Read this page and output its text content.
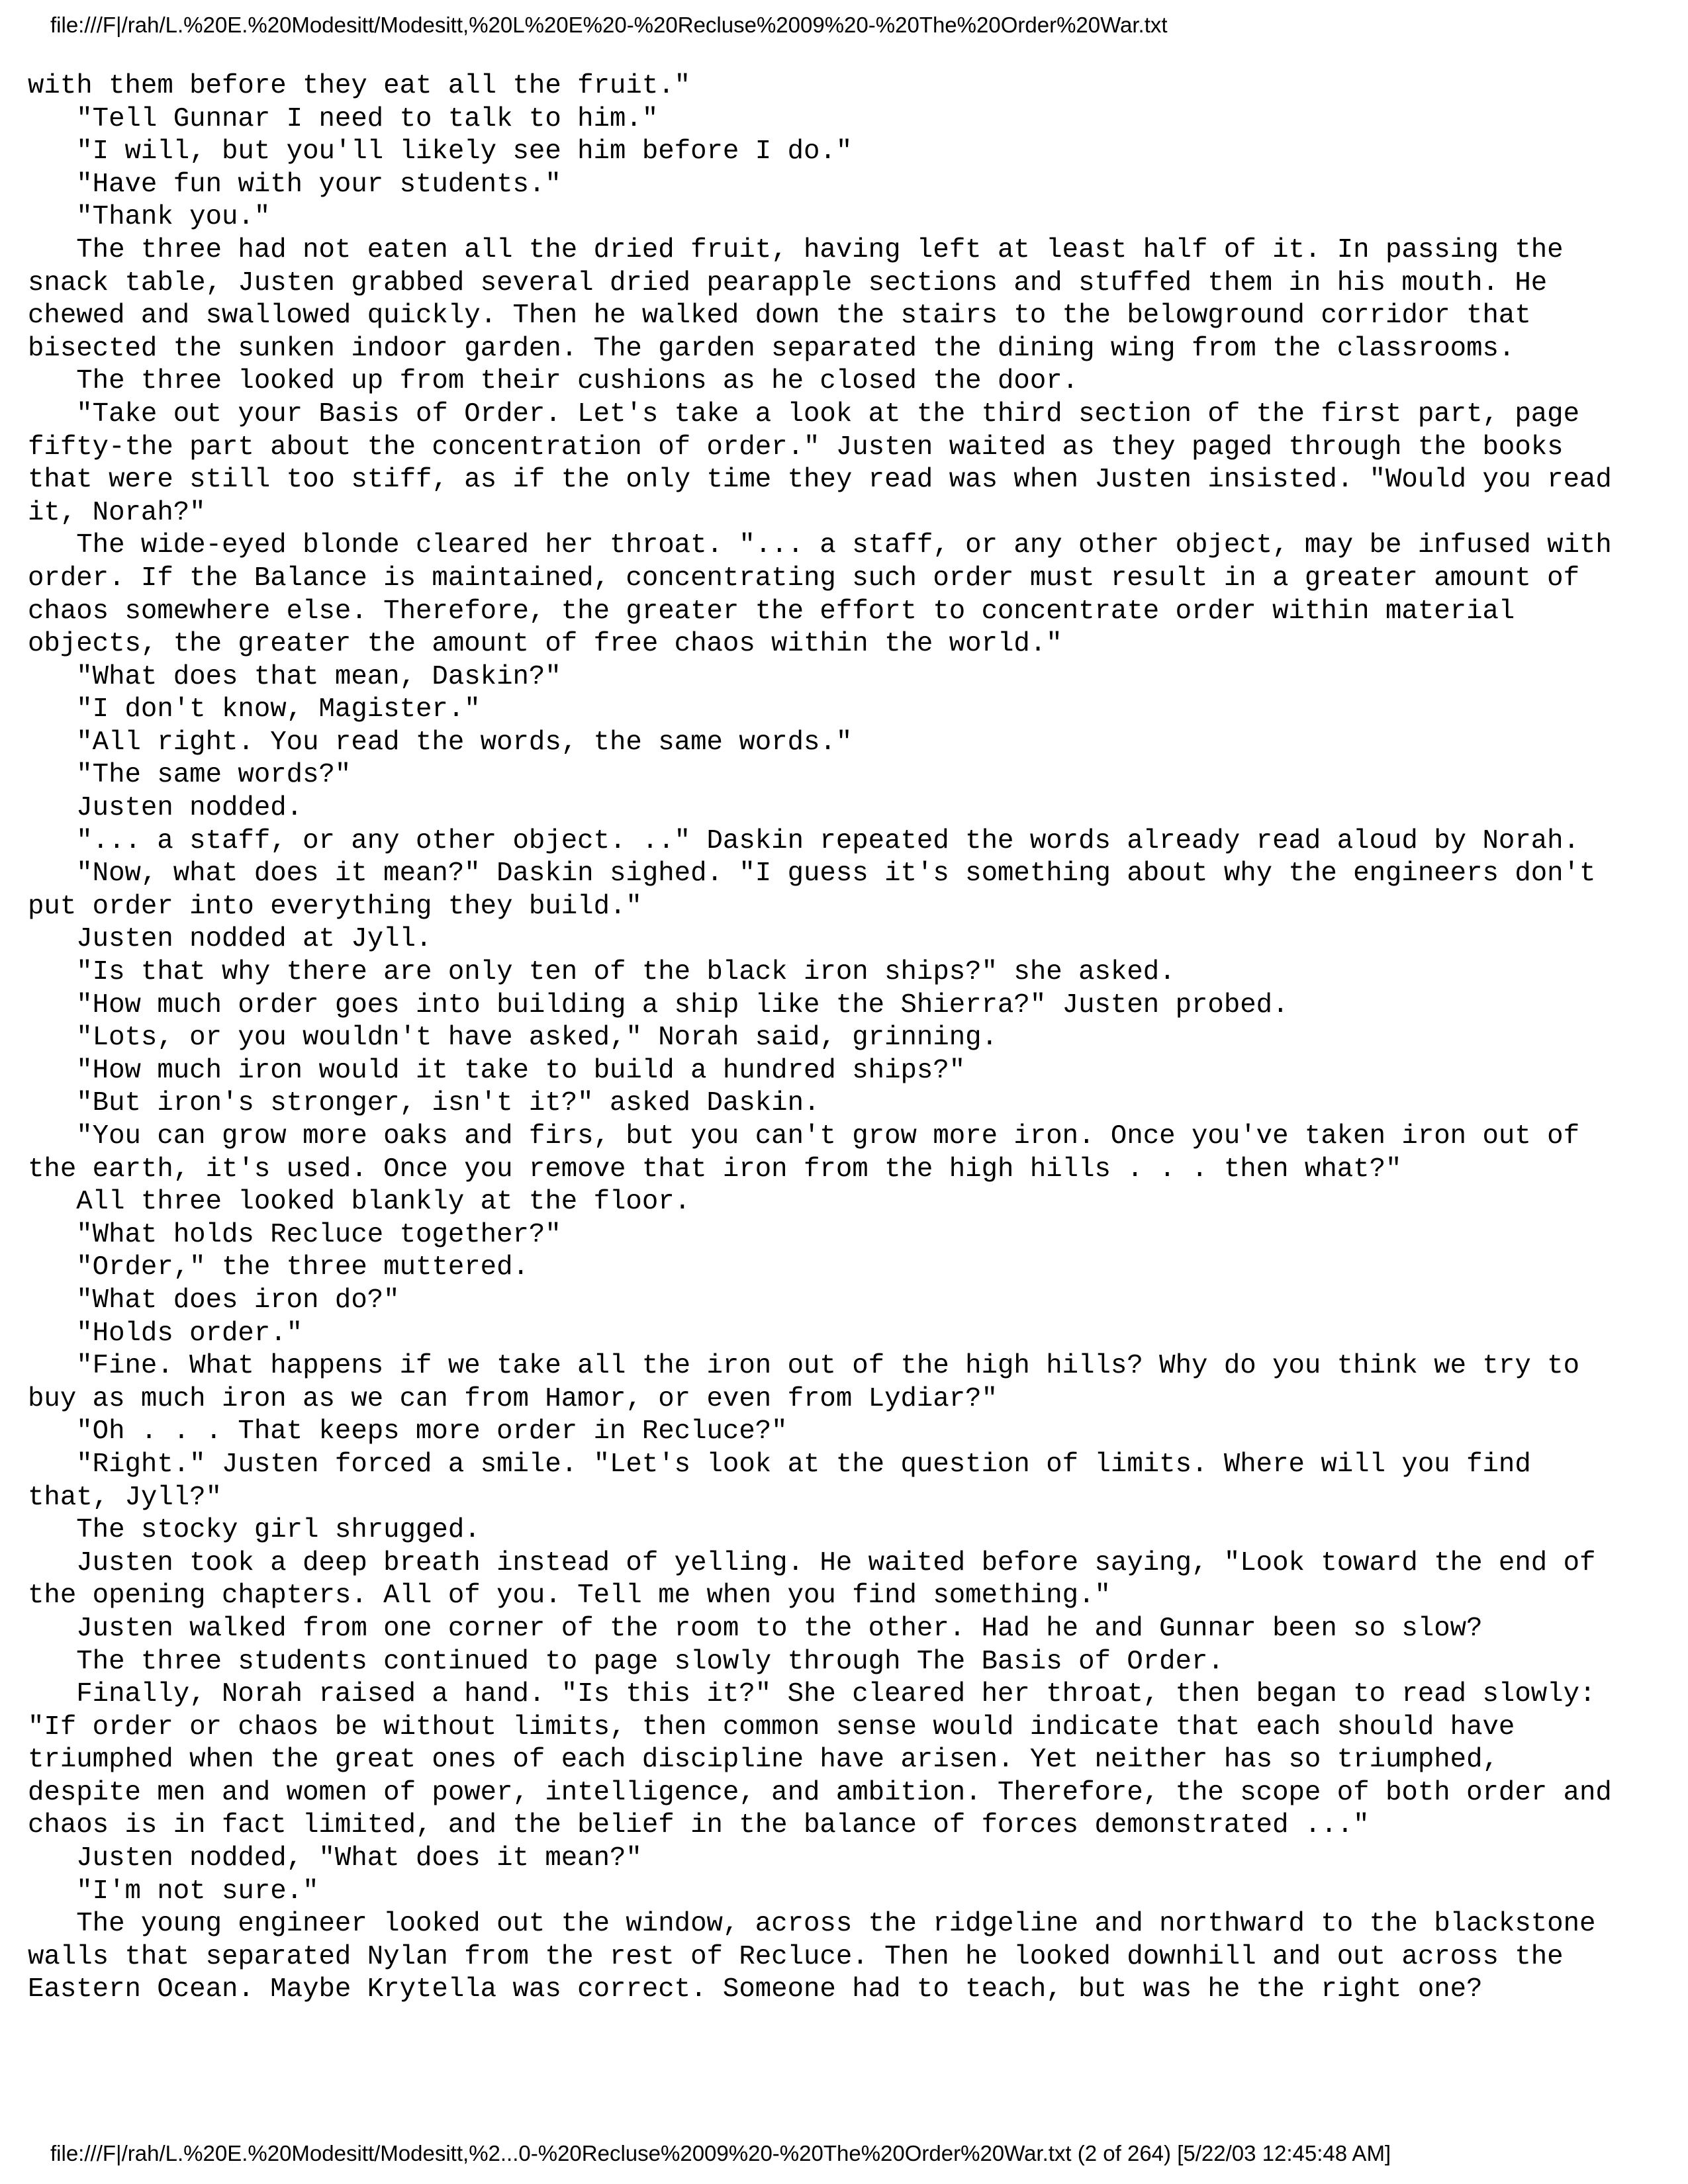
file:///F|/rah/L.%20E.%20Modesitt/Modesitt,%20L%20E%20-%20Recluse%2009%20-%20The%20Order%20War.txt
with them before they eat all the fruit."
"Tell Gunnar I need to talk to him."
"I will, but you'll likely see him before I do."
"Have fun with your students."
"Thank you."
The three had not eaten all the dried fruit, having left at least half of it. In passing the
snack table, Justen grabbed several dried pearapple sections and stuffed them in his mouth. He
chewed and swallowed quickly. Then he walked down the stairs to the belowground corridor that
bisected the sunken indoor garden. The garden separated the dining wing from the classrooms.
The three looked up from their cushions as he closed the door.
"Take out your Basis of Order. Let's take a look at the third section of the first part, page
fifty-the part about the concentration of order." Justen waited as they paged through the books
that were still too stiff, as if the only time they read was when Justen insisted. "Would you read
it, Norah?"
The wide-eyed blonde cleared her throat. "... a staff, or any other object, may be infused with
order. If the Balance is maintained, concentrating such order must result in a greater amount of
chaos somewhere else. Therefore, the greater the effort to concentrate order within material
objects, the greater the amount of free chaos within the world."
"What does that mean, Daskin?"
"I don't know, Magister."
"All right. You read the words, the same words."
"The same words?"
Justen nodded.
"... a staff, or any other object. .." Daskin repeated the words already read aloud by Norah.
"Now, what does it mean?" Daskin sighed. "I guess it's something about why the engineers don't
put order into everything they build."
Justen nodded at Jyll.
"Is that why there are only ten of the black iron ships?" she asked.
"How much order goes into building a ship like the Shierra?" Justen probed.
"Lots, or you wouldn't have asked," Norah said, grinning.
"How much iron would it take to build a hundred ships?"
"But iron's stronger, isn't it?" asked Daskin.
"You can grow more oaks and firs, but you can't grow more iron. Once you've taken iron out of
the earth, it's used. Once you remove that iron from the high hills . . . then what?"
All three looked blankly at the floor.
"What holds Recluce together?"
"Order," the three muttered.
"What does iron do?"
"Holds order."
"Fine. What happens if we take all the iron out of the high hills? Why do you think we try to
buy as much iron as we can from Hamor, or even from Lydiar?"
"Oh . . . That keeps more order in Recluce?"
"Right." Justen forced a smile. "Let's look at the question of limits. Where will you find
that, Jyll?"
The stocky girl shrugged.
Justen took a deep breath instead of yelling. He waited before saying, "Look toward the end of
the opening chapters. All of you. Tell me when you find something."
Justen walked from one corner of the room to the other. Had he and Gunnar been so slow?
The three students continued to page slowly through The Basis of Order.
Finally, Norah raised a hand. "Is this it?" She cleared her throat, then began to read slowly:
"If order or chaos be without limits, then common sense would indicate that each should have
triumphed when the great ones of each discipline have arisen. Yet neither has so triumphed,
despite men and women of power, intelligence, and ambition. Therefore, the scope of both order and
chaos is in fact limited, and the belief in the balance of forces demonstrated ..."
Justen nodded, "What does it mean?"
"I'm not sure."
The young engineer looked out the window, across the ridgeline and northward to the blackstone
walls that separated Nylan from the rest of Recluce. Then he looked downhill and out across the
Eastern Ocean. Maybe Krytella was correct. Someone had to teach, but was he the right one?
file:///F|/rah/L.%20E.%20Modesitt/Modesitt,%2...0-%20Recluse%2009%20-%20The%20Order%20War.txt (2 of 264) [5/22/03 12:45:48 AM]
